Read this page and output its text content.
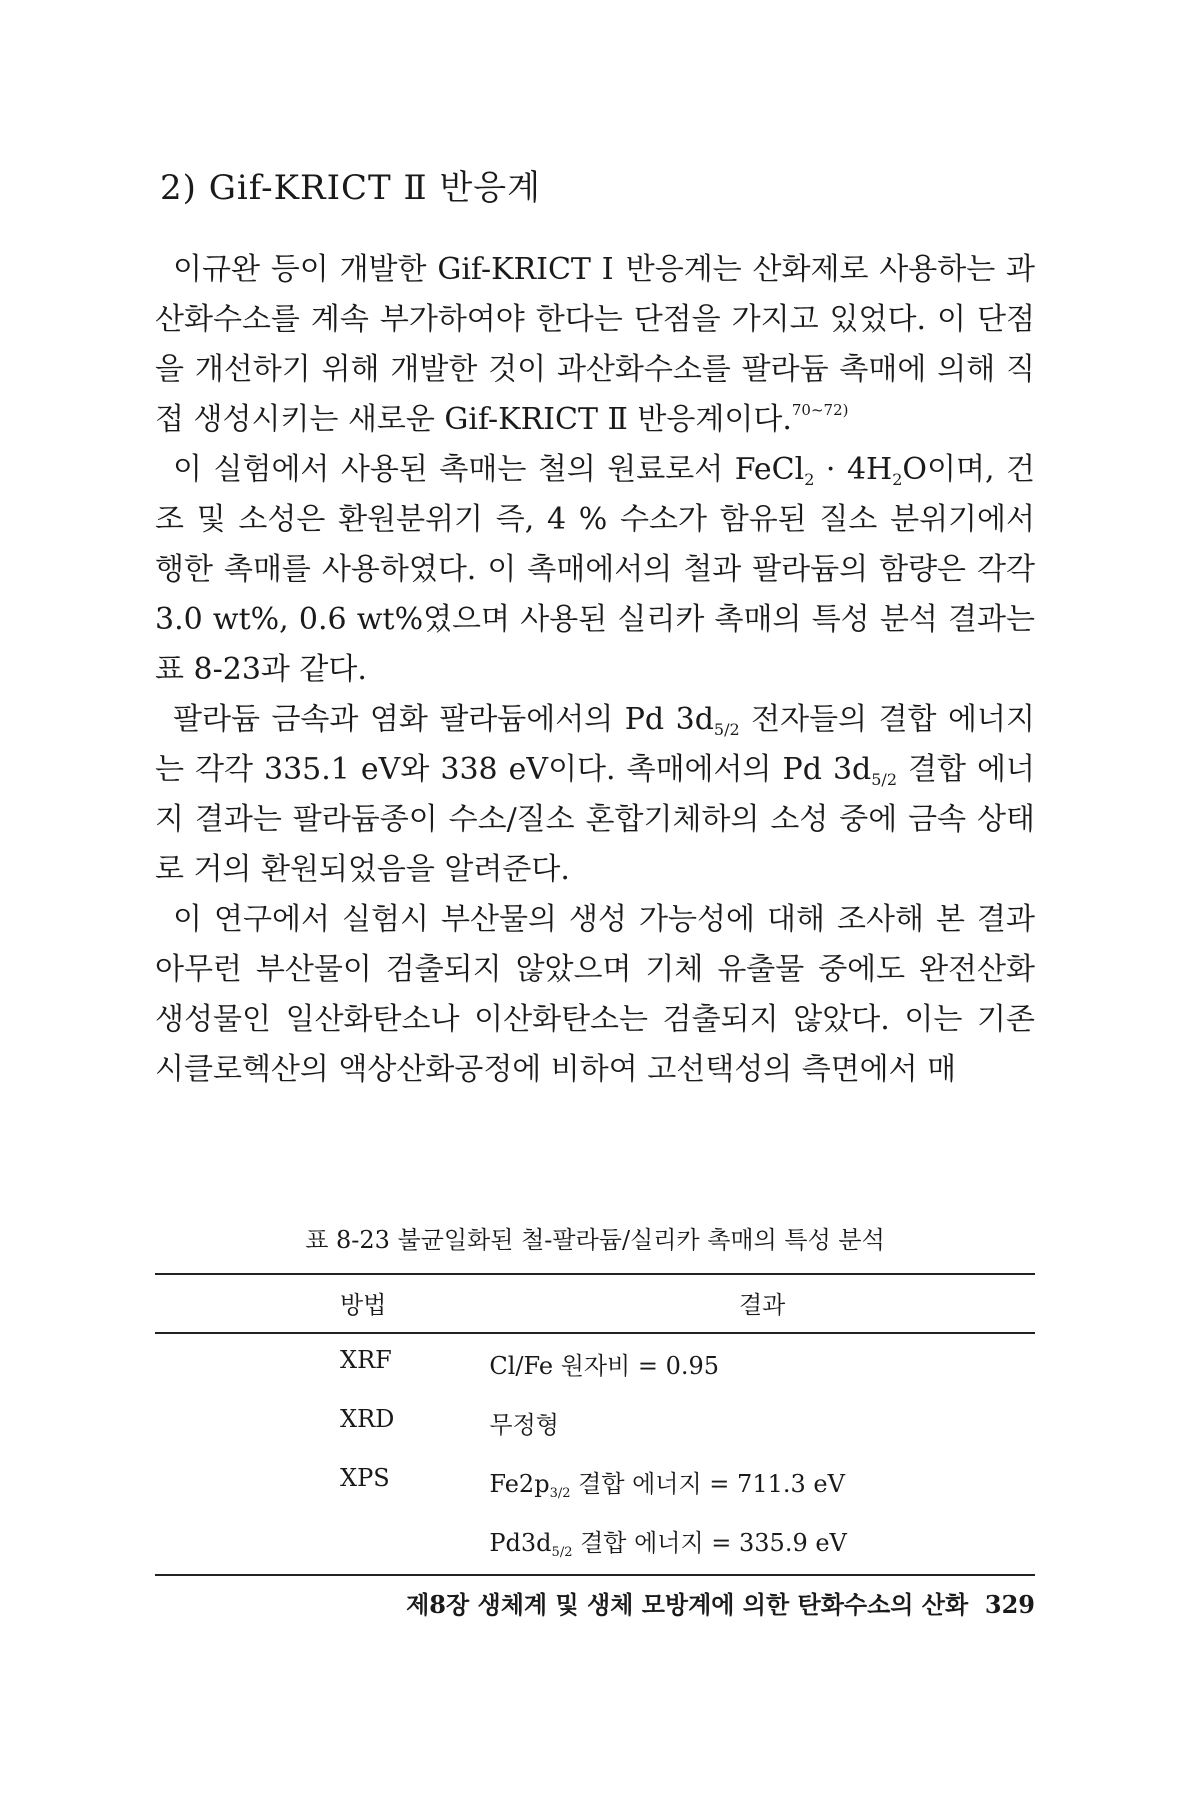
2) Gif-KRICT Ⅱ 반응계

이규완 등이 개발한 Gif-KRICT Ⅰ 반응계는 산화제로 사용하는 과산화수소를 계속 부가하여야 한다는 단점을 가지고 있었다. 이 단점을 개선하기 위해 개발한 것이 과산화수소를 팔라듐 촉매에 의해 직접 생성시키는 새로운 Gif-KRICT Ⅱ 반응계이다.$^{70\sim 72)}$

이 실험에서 사용된 촉매는 철의 원료로서 FeCl$_2$ · $4H_2O$이며, 건조 및 소성은 환원분위기 즉, 4 % 수소가 함유된 질소 분위기에서 행한 촉매를 사용하였다. 이 촉매에서의 철과 팔라듐의 함량은 각각 3.0 wt%, 0.6 wt%였으며 사용된 실리카 촉매의 특성 분석 결과는 표 8-23과 같다.

팔라듐 금속과 염화 팔라듐에서의 Pd $3d_{5/2}$ 전자들의 결합 에너지는 각각 335.1 eV와 338 eV이다. 촉매에서의 Pd $3d_{5/2}$ 결합 에너지 결과는 팔라듐종이 수소/질소 혼합기체하의 소성 중에 금속 상태로 거의 환원되었음을 알려준다.

이 연구에서 실험시 부산물의 생성 가능성에 대해 조사해 본 결과 아무런 부산물이 검출되지 않았으며 기체 유출물 중에도 완전산화 생성물인 일산화탄소나 이산화탄소는 검출되지 않았다. 이는 기존 시클로헥산의 액상산화공정에 비하여 고선택성의 측면에서 매

표 8-23 불균일화된 철-팔라듐/실리카 촉매의 특성 분석
방법	결과
XRF	Cl/Fe 원자비 = 0.95
XRD	무정형
XPS	$Fe2p_{3/2}$ 결합 에너지 = 711.3 eV
	$Pd3d_{5/2}$ 결합 에너지 = 335.9 eV
제8장 생체계 및 생체 모방계에 의한 탄화수소의 산화 329
